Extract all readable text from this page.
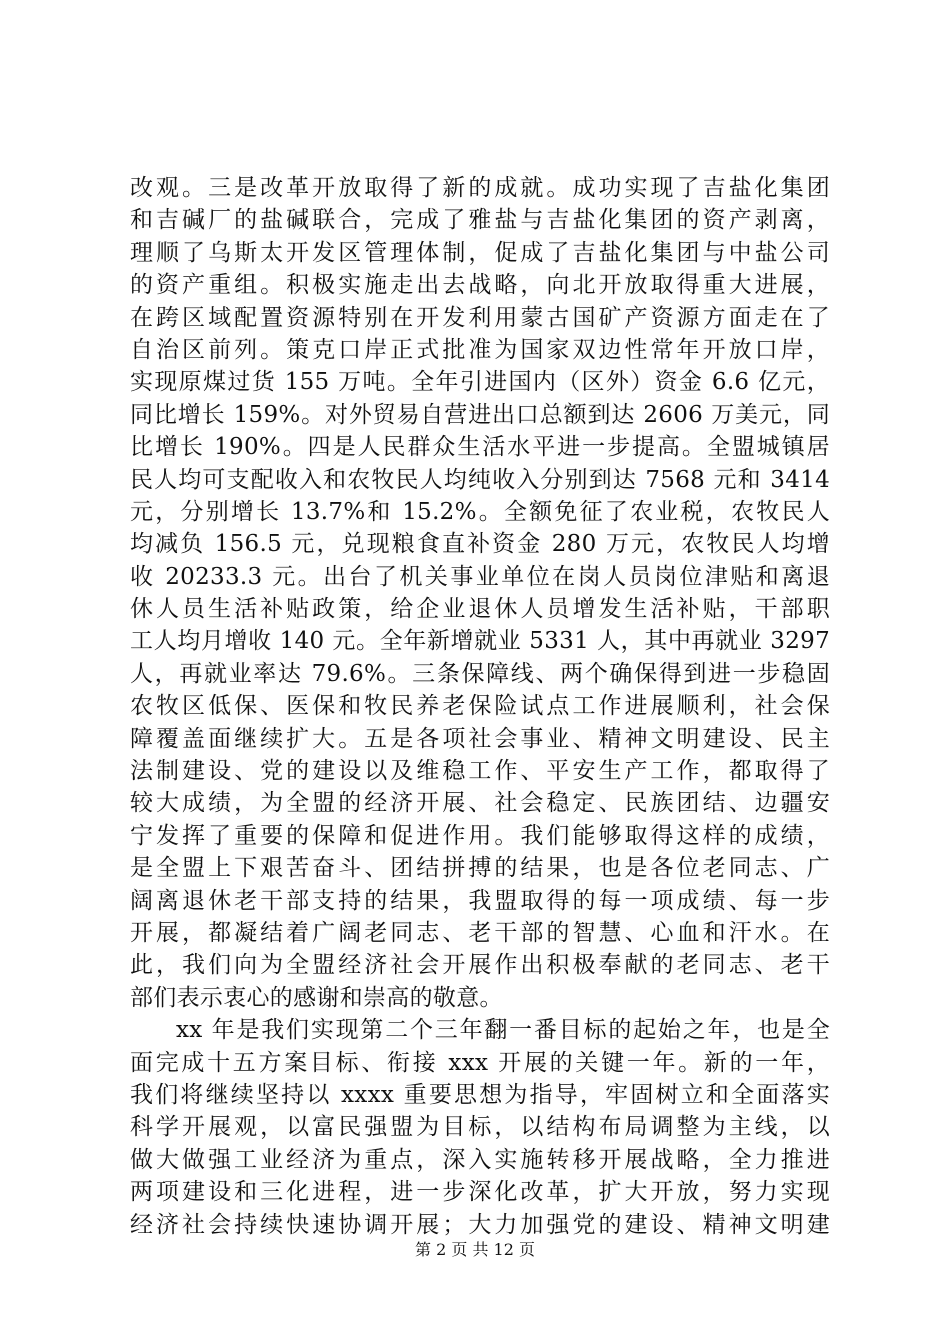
改观。三是改革开放取得了新的成就。成功实现了吉盐化集团
和吉碱厂的盐碱联合，完成了雅盐与吉盐化集团的资产剥离，
理顺了乌斯太开发区管理体制，促成了吉盐化集团与中盐公司
的资产重组。积极实施走出去战略，向北开放取得重大进展，
在跨区域配置资源特别在开发利用蒙古国矿产资源方面走在了
自治区前列。策克口岸正式批准为国家双边性常年开放口岸，
实现原煤过货 155 万吨。全年引进国内（区外）资金 6.6 亿元，
同比增长 159%。对外贸易自营进出口总额到达 2606 万美元，同
比增长 190%。四是人民群众生活水平进一步提高。全盟城镇居
民人均可支配收入和农牧民人均纯收入分别到达 7568 元和 3414
元，分别增长 13.7%和 15.2%。全额免征了农业税，农牧民人
均减负 156.5 元，兑现粮食直补资金 280 万元，农牧民人均增
收 20233.3 元。出台了机关事业单位在岗人员岗位津贴和离退
休人员生活补贴政策，给企业退休人员增发生活补贴，干部职
工人均月增收 140 元。全年新增就业 5331 人，其中再就业 3297
人，再就业率达 79.6%。三条保障线、两个确保得到进一步稳固
农牧区低保、医保和牧民养老保险试点工作进展顺利，社会保
障覆盖面继续扩大。五是各项社会事业、精神文明建设、民主
法制建设、党的建设以及维稳工作、平安生产工作，都取得了
较大成绩，为全盟的经济开展、社会稳定、民族团结、边疆安
宁发挥了重要的保障和促进作用。我们能够取得这样的成绩，
是全盟上下艰苦奋斗、团结拼搏的结果，也是各位老同志、广
阔离退休老干部支持的结果，我盟取得的每一项成绩、每一步
开展，都凝结着广阔老同志、老干部的智慧、心血和汗水。在
此，我们向为全盟经济社会开展作出积极奉献的老同志、老干
部们表示衷心的感谢和崇高的敬意。
xx 年是我们实现第二个三年翻一番目标的起始之年，也是全
面完成十五方案目标、衔接 xxx 开展的关键一年。新的一年，
我们将继续坚持以 xxxx 重要思想为指导，牢固树立和全面落实
科学开展观，以富民强盟为目标，以结构布局调整为主线，以
做大做强工业经济为重点，深入实施转移开展战略，全力推进
两项建设和三化进程，进一步深化改革，扩大开放，努力实现
经济社会持续快速协调开展；大力加强党的建设、精神文明建
第 2 页 共 12 页
